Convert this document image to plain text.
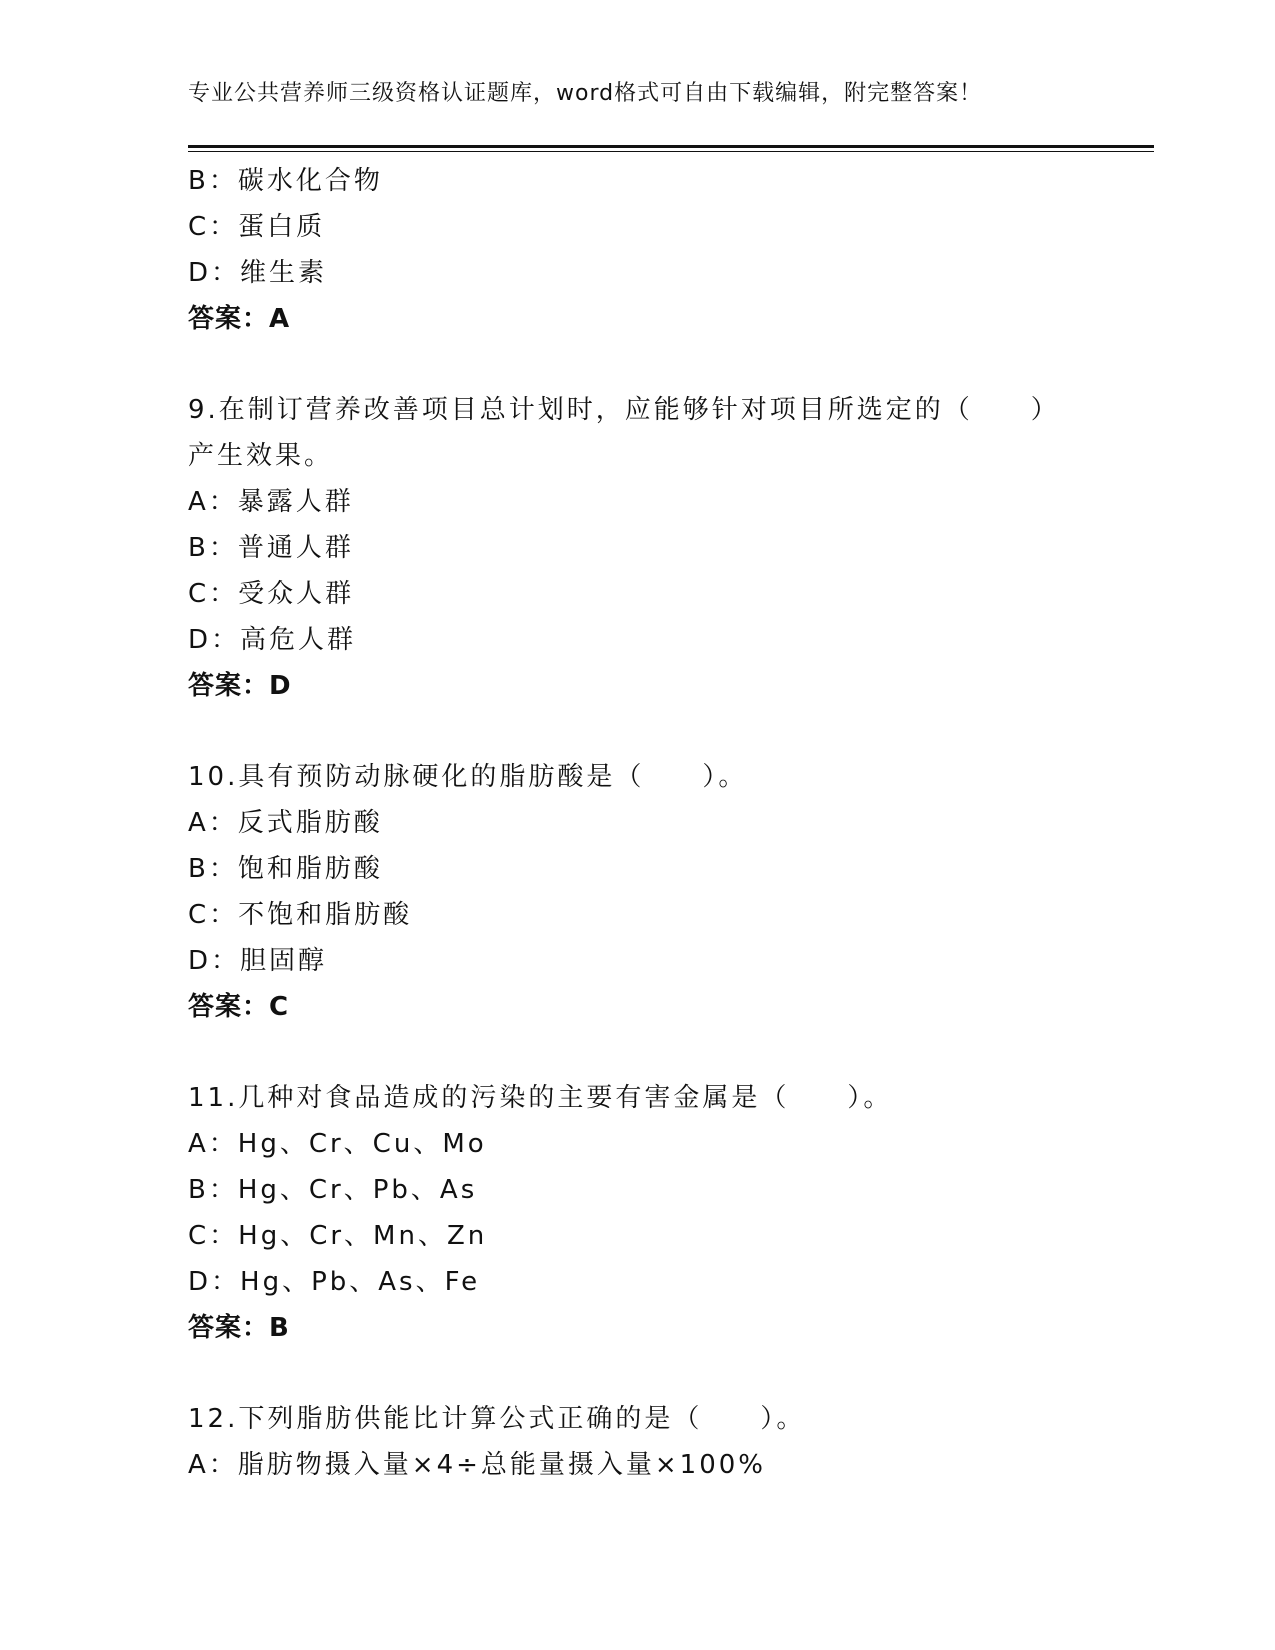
专业公共营养师三级资格认证题库，word格式可自由下载编辑，附完整答案！
B：碳水化合物
C：蛋白质
D：维生素
答案：A
9.在制订营养改善项目总计划时，应能够针对项目所选定的（　　）
产生效果。
A：暴露人群
B：普通人群
C：受众人群
D：高危人群
答案：D
10.具有预防动脉硬化的脂肪酸是（　　）。
A：反式脂肪酸
B：饱和脂肪酸
C：不饱和脂肪酸
D：胆固醇
答案：C
11.几种对食品造成的污染的主要有害金属是（　　）。
A：Hg、Cr、Cu、Mo
B：Hg、Cr、Pb、As
C：Hg、Cr、Mn、Zn
D：Hg、Pb、As、Fe
答案：B
12.下列脂肪供能比计算公式正确的是（　　）。
A：脂肪物摄入量×4÷总能量摄入量×100%
